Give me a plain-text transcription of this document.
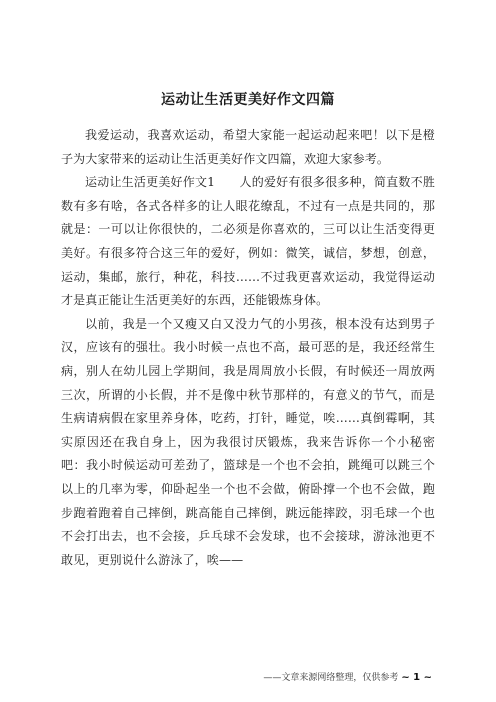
运动让生活更美好作文四篇

我爱运动，我喜欢运动，希望大家能一起运动起来吧！以下是橙子为大家带来的运动让生活更美好作文四篇，欢迎大家参考。

运动让生活更美好作文1　　人的爱好有很多很多种，简直数不胜数有多有啥，各式各样多的让人眼花缭乱，不过有一点是共同的，那就是：一可以让你很快的，二必须是你喜欢的，三可以让生活变得更美好。有很多符合这三年的爱好，例如：微笑，诚信，梦想，创意，运动，集邮，旅行，种花，科技……不过我更喜欢运动，我觉得运动才是真正能让生活更美好的东西，还能锻炼身体。

以前，我是一个又瘦又白又没力气的小男孩，根本没有达到男子汉，应该有的强壮。我小时候一点也不高，最可恶的是，我还经常生病，别人在幼儿园上学期间，我是周周放小长假，有时候还一周放两三次，所谓的小长假，并不是像中秋节那样的，有意义的节气，而是生病请病假在家里养身体，吃药，打针，睡觉，唉……真倒霉啊，其实原因还在我自身上，因为我很讨厌锻炼，我来告诉你一个小秘密吧：我小时候运动可差劲了，篮球是一个也不会拍，跳绳可以跳三个以上的几率为零，仰卧起坐一个也不会做，俯卧撑一个也不会做，跑步跑着跑着自己摔倒，跳高能自己摔倒，跳远能摔跤，羽毛球一个也不会打出去，也不会接，乒乓球不会发球，也不会接球，游泳池更不敢见，更别说什么游泳了，唉——

——文章来源网络整理，仅供参考 ~ 1 ~
